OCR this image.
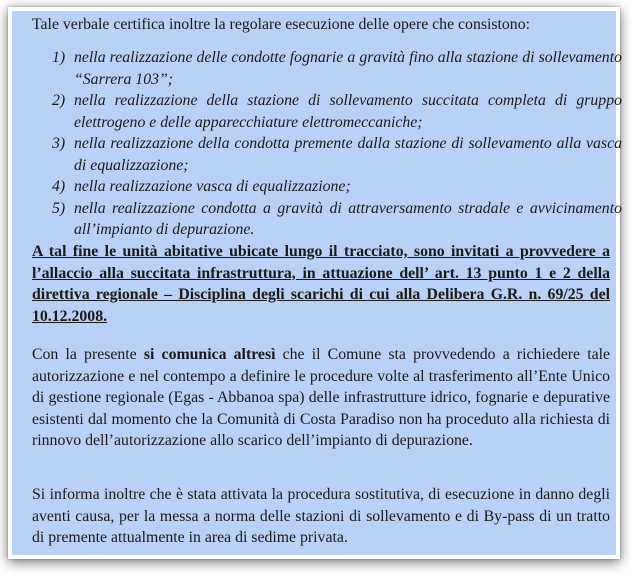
Tale verbale certifica inoltre la regolare esecuzione delle opere che consistono:

1) nella realizzazione delle condotte fognarie a gravità fino alla stazione di sollevamento “Sarrera 103”;
2) nella realizzazione della stazione di sollevamento succitata completa di gruppo elettrogeno e delle apparecchiature elettromeccaniche;
3) nella realizzazione della condotta premente dalla stazione di sollevamento alla vasca di equalizzazione;
4) nella realizzazione vasca di equalizzazione;
5) nella realizzazione condotta a gravità di attraversamento stradale e avvicinamento all’impianto di depurazione.

A tal fine le unità abitative ubicate lungo il tracciato, sono invitati a provvedere a l’allaccio alla succitata infrastruttura, in attuazione dell’ art. 13 punto 1 e 2 della direttiva regionale – Disciplina degli scarichi di cui alla Delibera G.R. n. 69/25 del 10.12.2008.

Con la presente si comunica altresì che il Comune sta provvedendo a richiedere tale autorizzazione e nel contempo a definire le procedure volte al trasferimento all’Ente Unico di gestione regionale (Egas - Abbanoa spa) delle infrastrutture idrico, fognarie e depurative esistenti dal momento che la Comunità di Costa Paradiso non ha proceduto alla richiesta di rinnovo dell’autorizzazione allo scarico dell’impianto di depurazione.

Si informa inoltre che è stata attivata la procedura sostitutiva, di esecuzione in danno degli aventi causa, per la messa a norma delle stazioni di sollevamento e di By-pass di un tratto di premente attualmente in area di sedime privata.
